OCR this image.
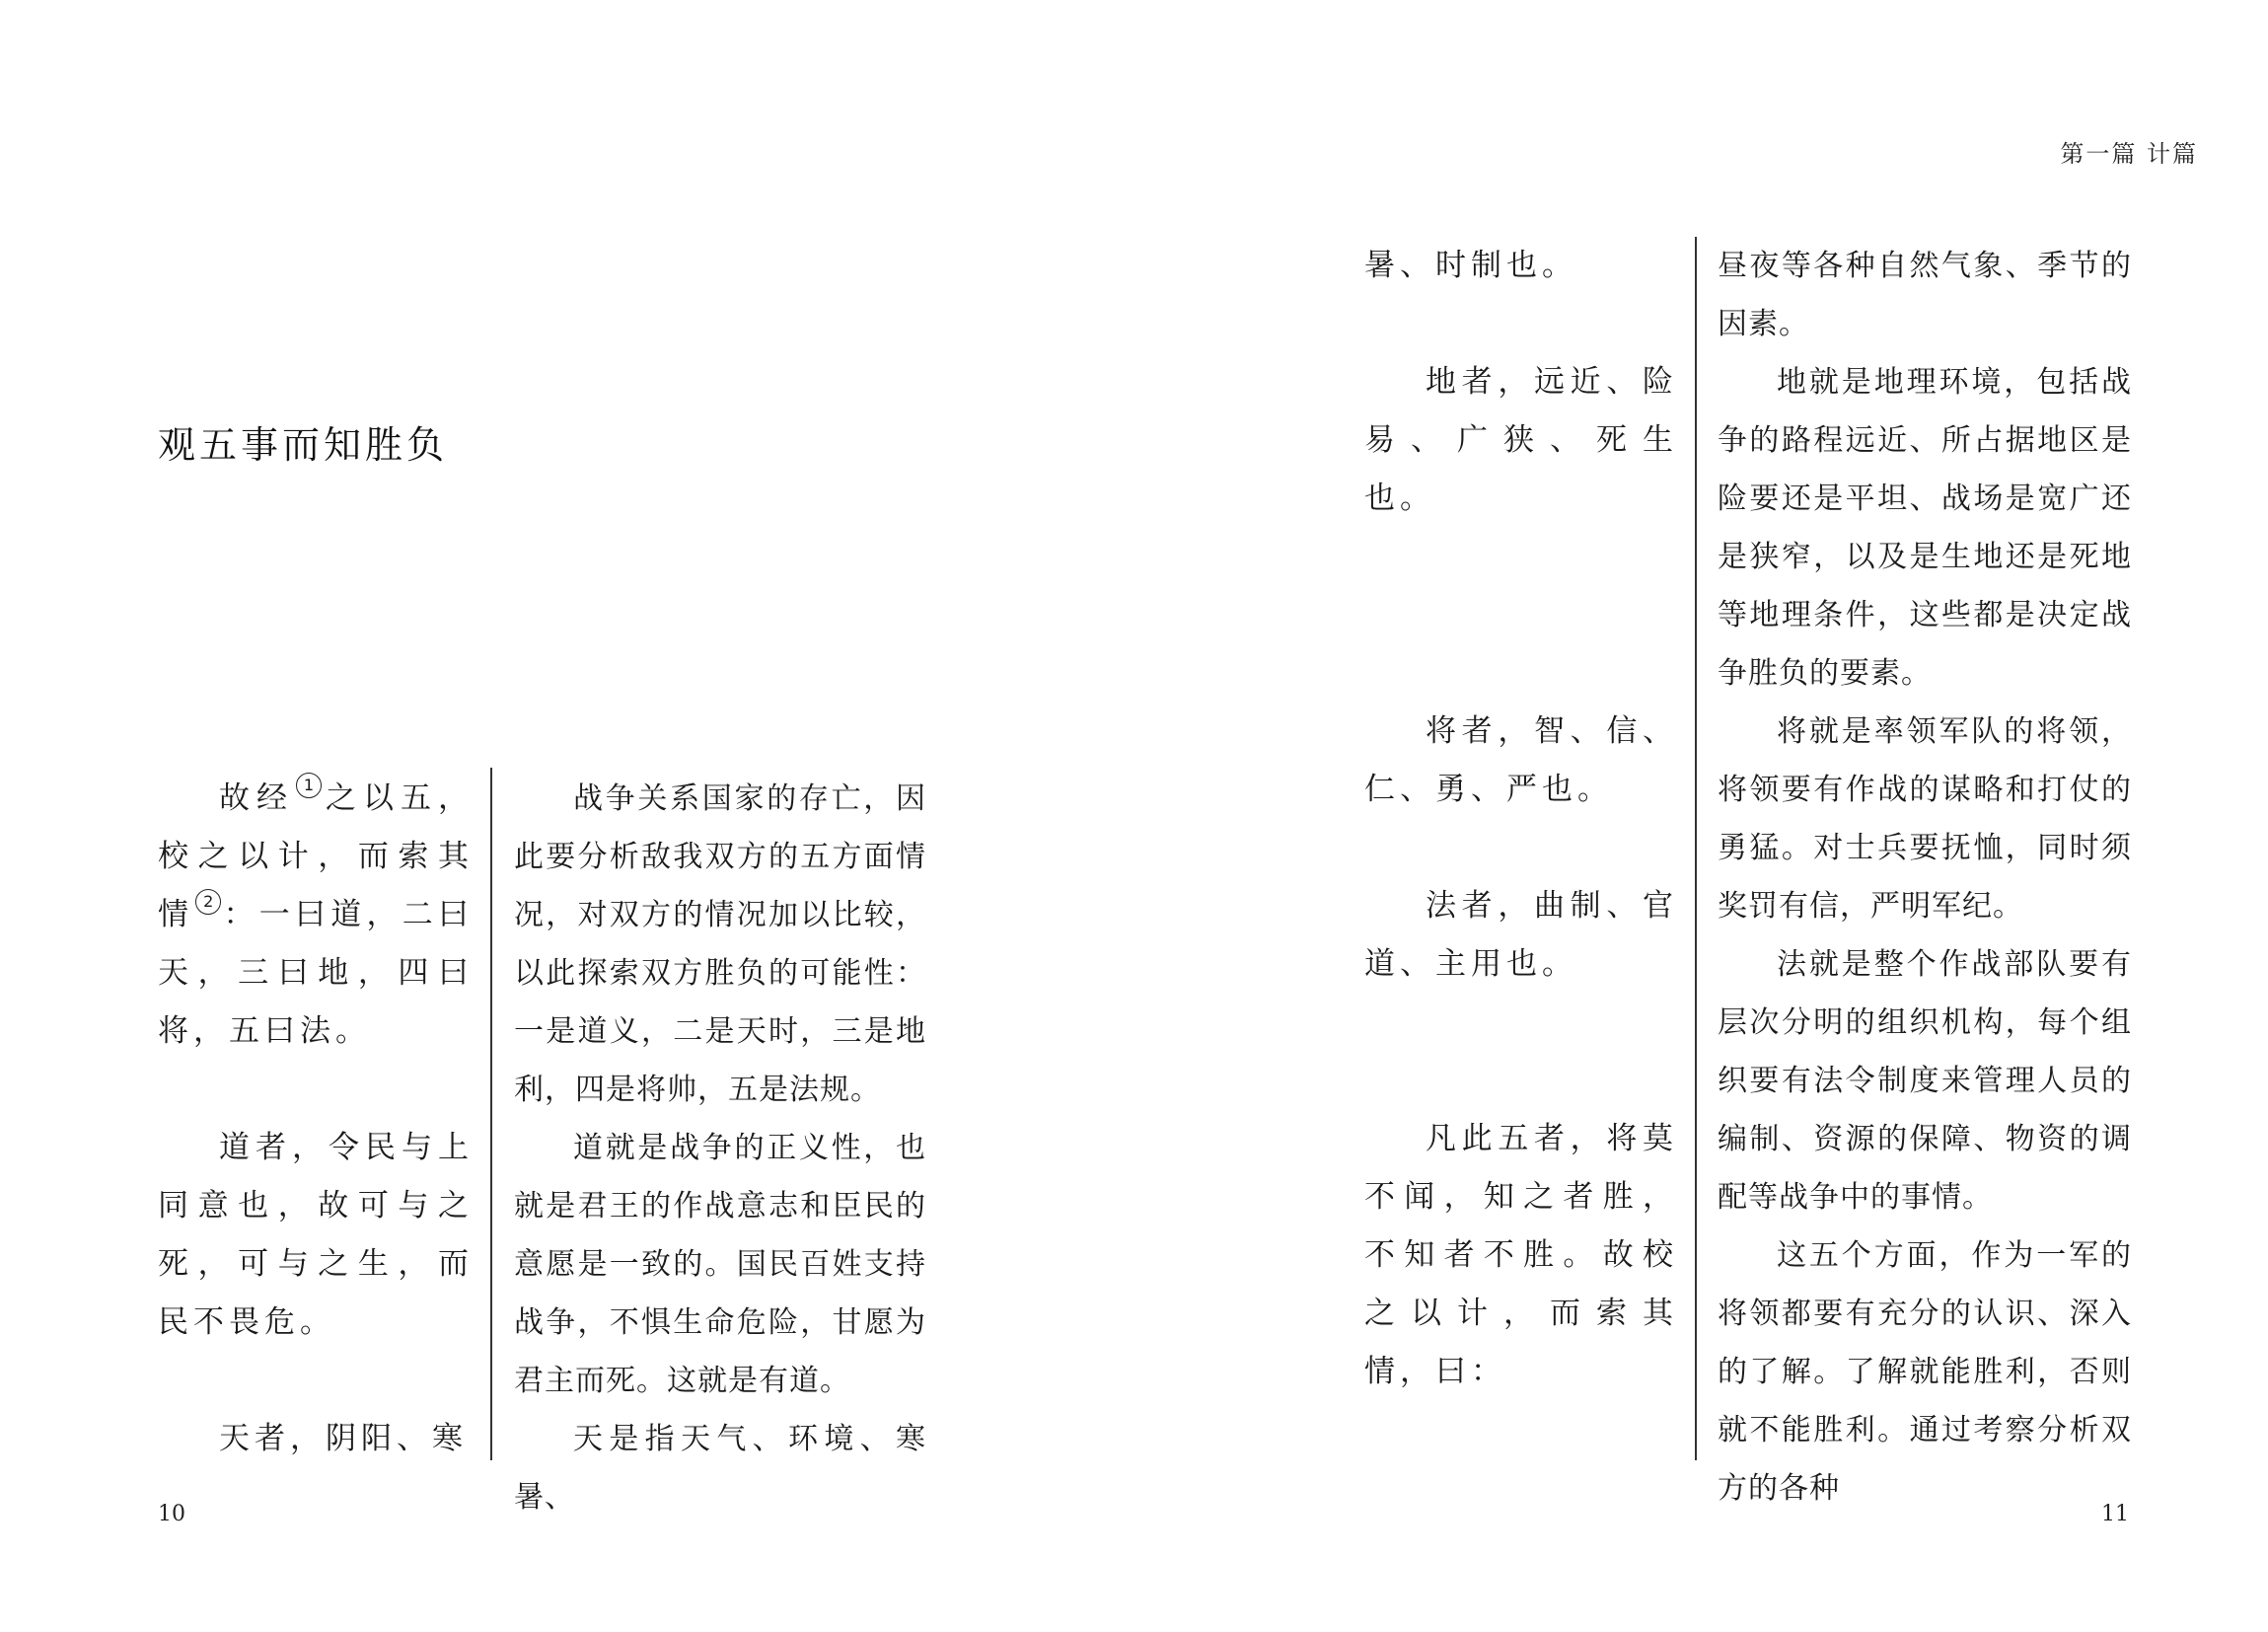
观五事而知胜负

故经 1 之以五，校之以计，而索其情 2 ：一曰道，二曰天，三曰地，四曰将，五曰法。

道者，令民与上同意也，故可与之死，可与之生，而民不畏危。

天者，阴阳、寒

战争关系国家的存亡，因此要分析敌我双方的五方面情况，对双方的情况加以比较，以此探索双方胜负的可能性：一是道义，二是天时，三是地利，四是将帅，五是法规。

道就是战争的正义性，也就是君王的作战意志和臣民的意愿是一致的。国民百姓支持战争，不惧生命危险，甘愿为君主而死。这就是有道。

天是指天气、环境、寒暑、

10
第一篇 计篇

暑、时制也。

地者，远近、险易、广狭、死生也。

将者，智、信、仁、勇、严也。

法者，曲制、官道、主用也。

凡此五者，将莫不闻，知之者胜，不知者不胜。故校之以计，而索其情，曰：

昼夜等各种自然气象、季节的因素。

地就是地理环境，包括战争的路程远近、所占据地区是险要还是平坦、战场是宽广还是狭窄，以及是生地还是死地等地理条件，这些都是决定战争胜负的要素。

将就是率领军队的将领，将领要有作战的谋略和打仗的勇猛。对士兵要抚恤，同时须奖罚有信，严明军纪。

法就是整个作战部队要有层次分明的组织机构，每个组织要有法令制度来管理人员的编制、资源的保障、物资的调配等战争中的事情。

这五个方面，作为一军的将领都要有充分的认识、深入的了解。了解就能胜利，否则就不能胜利。通过考察分析双方的各种

11
